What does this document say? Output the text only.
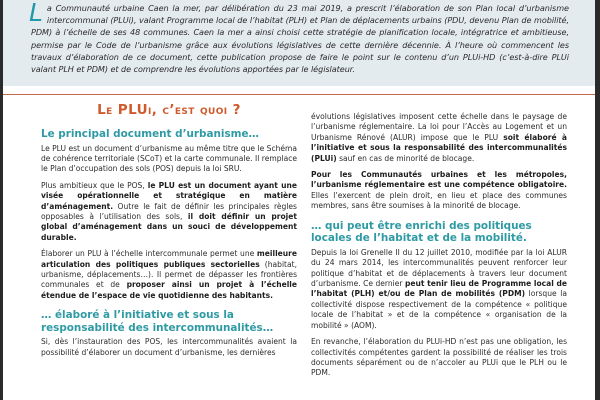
La Communauté urbaine Caen la mer, par délibération du 23 mai 2019, a prescrit l’élaboration de son Plan local d’urbanisme intercommunal (PLUi), valant Programme local de l’habitat (PLH) et Plan de déplacements urbains (PDU, devenu Plan de mobilité, PDM) à l’échelle de ses 48 communes. Caen la mer a ainsi choisi cette stratégie de planification locale, intégratrice et ambitieuse, permise par le Code de l’urbanisme grâce aux évolutions législatives de cette dernière décennie. À l’heure où commencent les travaux d’élaboration de ce document, cette publication propose de faire le point sur le contenu d’un PLUi-HD (c’est-à-dire PLUi valant PLH et PDM) et de comprendre les évolutions apportées par le législateur.
Le PLUi, c’est quoi ?
Le principal document d’urbanisme…

Le PLU est un document d’urbanisme au même titre que le Schéma de cohérence territoriale (SCoT) et la carte communale. Il remplace le Plan d’occupation des sols (POS) depuis la loi SRU.

Plus ambitieux que le POS, le PLU est un document ayant une visée opérationnelle et stratégique en matière d’aménagement. Outre le fait de définir les principales règles opposables à l’utilisation des sols, il doit définir un projet global d’aménagement dans un souci de développement durable.

Élaborer un PLU à l’échelle intercommunale permet une meilleure articulation des politiques publiques sectorielles (habitat, urbanisme, déplacements…). Il permet de dépasser les frontières communales et de proposer ainsi un projet à l’échelle étendue de l’espace de vie quotidienne des habitants.

… élaboré à l’initiative et sous la responsabilité des intercommunalités…

Si, dès l’instauration des POS, les intercommunalités avaient la possibilité d’élaborer un document d’urbanisme, les dernières

évolutions législatives imposent cette échelle dans le paysage de l’urbanisme réglementaire. La loi pour l’Accès au Logement et un Urbanisme Rénové (ALUR) impose que le PLU soit élaboré à l’initiative et sous la responsabilité des intercommunalités (PLUi) sauf en cas de minorité de blocage.

Pour les Communautés urbaines et les métropoles, l’urbanisme réglementaire est une compétence obligatoire. Elles l’exercent de plein droit, en lieu et place des communes membres, sans être soumises à la minorité de blocage.

… qui peut être enrichi des politiques locales de l’habitat et de la mobilité.

Depuis la loi Grenelle II du 12 juillet 2010, modifiée par la loi ALUR du 24 mars 2014, les intercommunalités peuvent renforcer leur politique d’habitat et de déplacements à travers leur document d’urbanisme. Ce dernier peut tenir lieu de Programme local de l’habitat (PLH) et/ou de Plan de mobilités (PDM) lorsque la collectivité dispose respectivement de la compétence « politique locale de l’habitat » et de la compétence « organisation de la mobilité » (AOM).

En revanche, l’élaboration du PLUi-HD n’est pas une obligation, les collectivités compétentes gardent la possibilité de réaliser les trois documents séparément ou de n’accoler au PLUi que le PLH ou le PDM.
